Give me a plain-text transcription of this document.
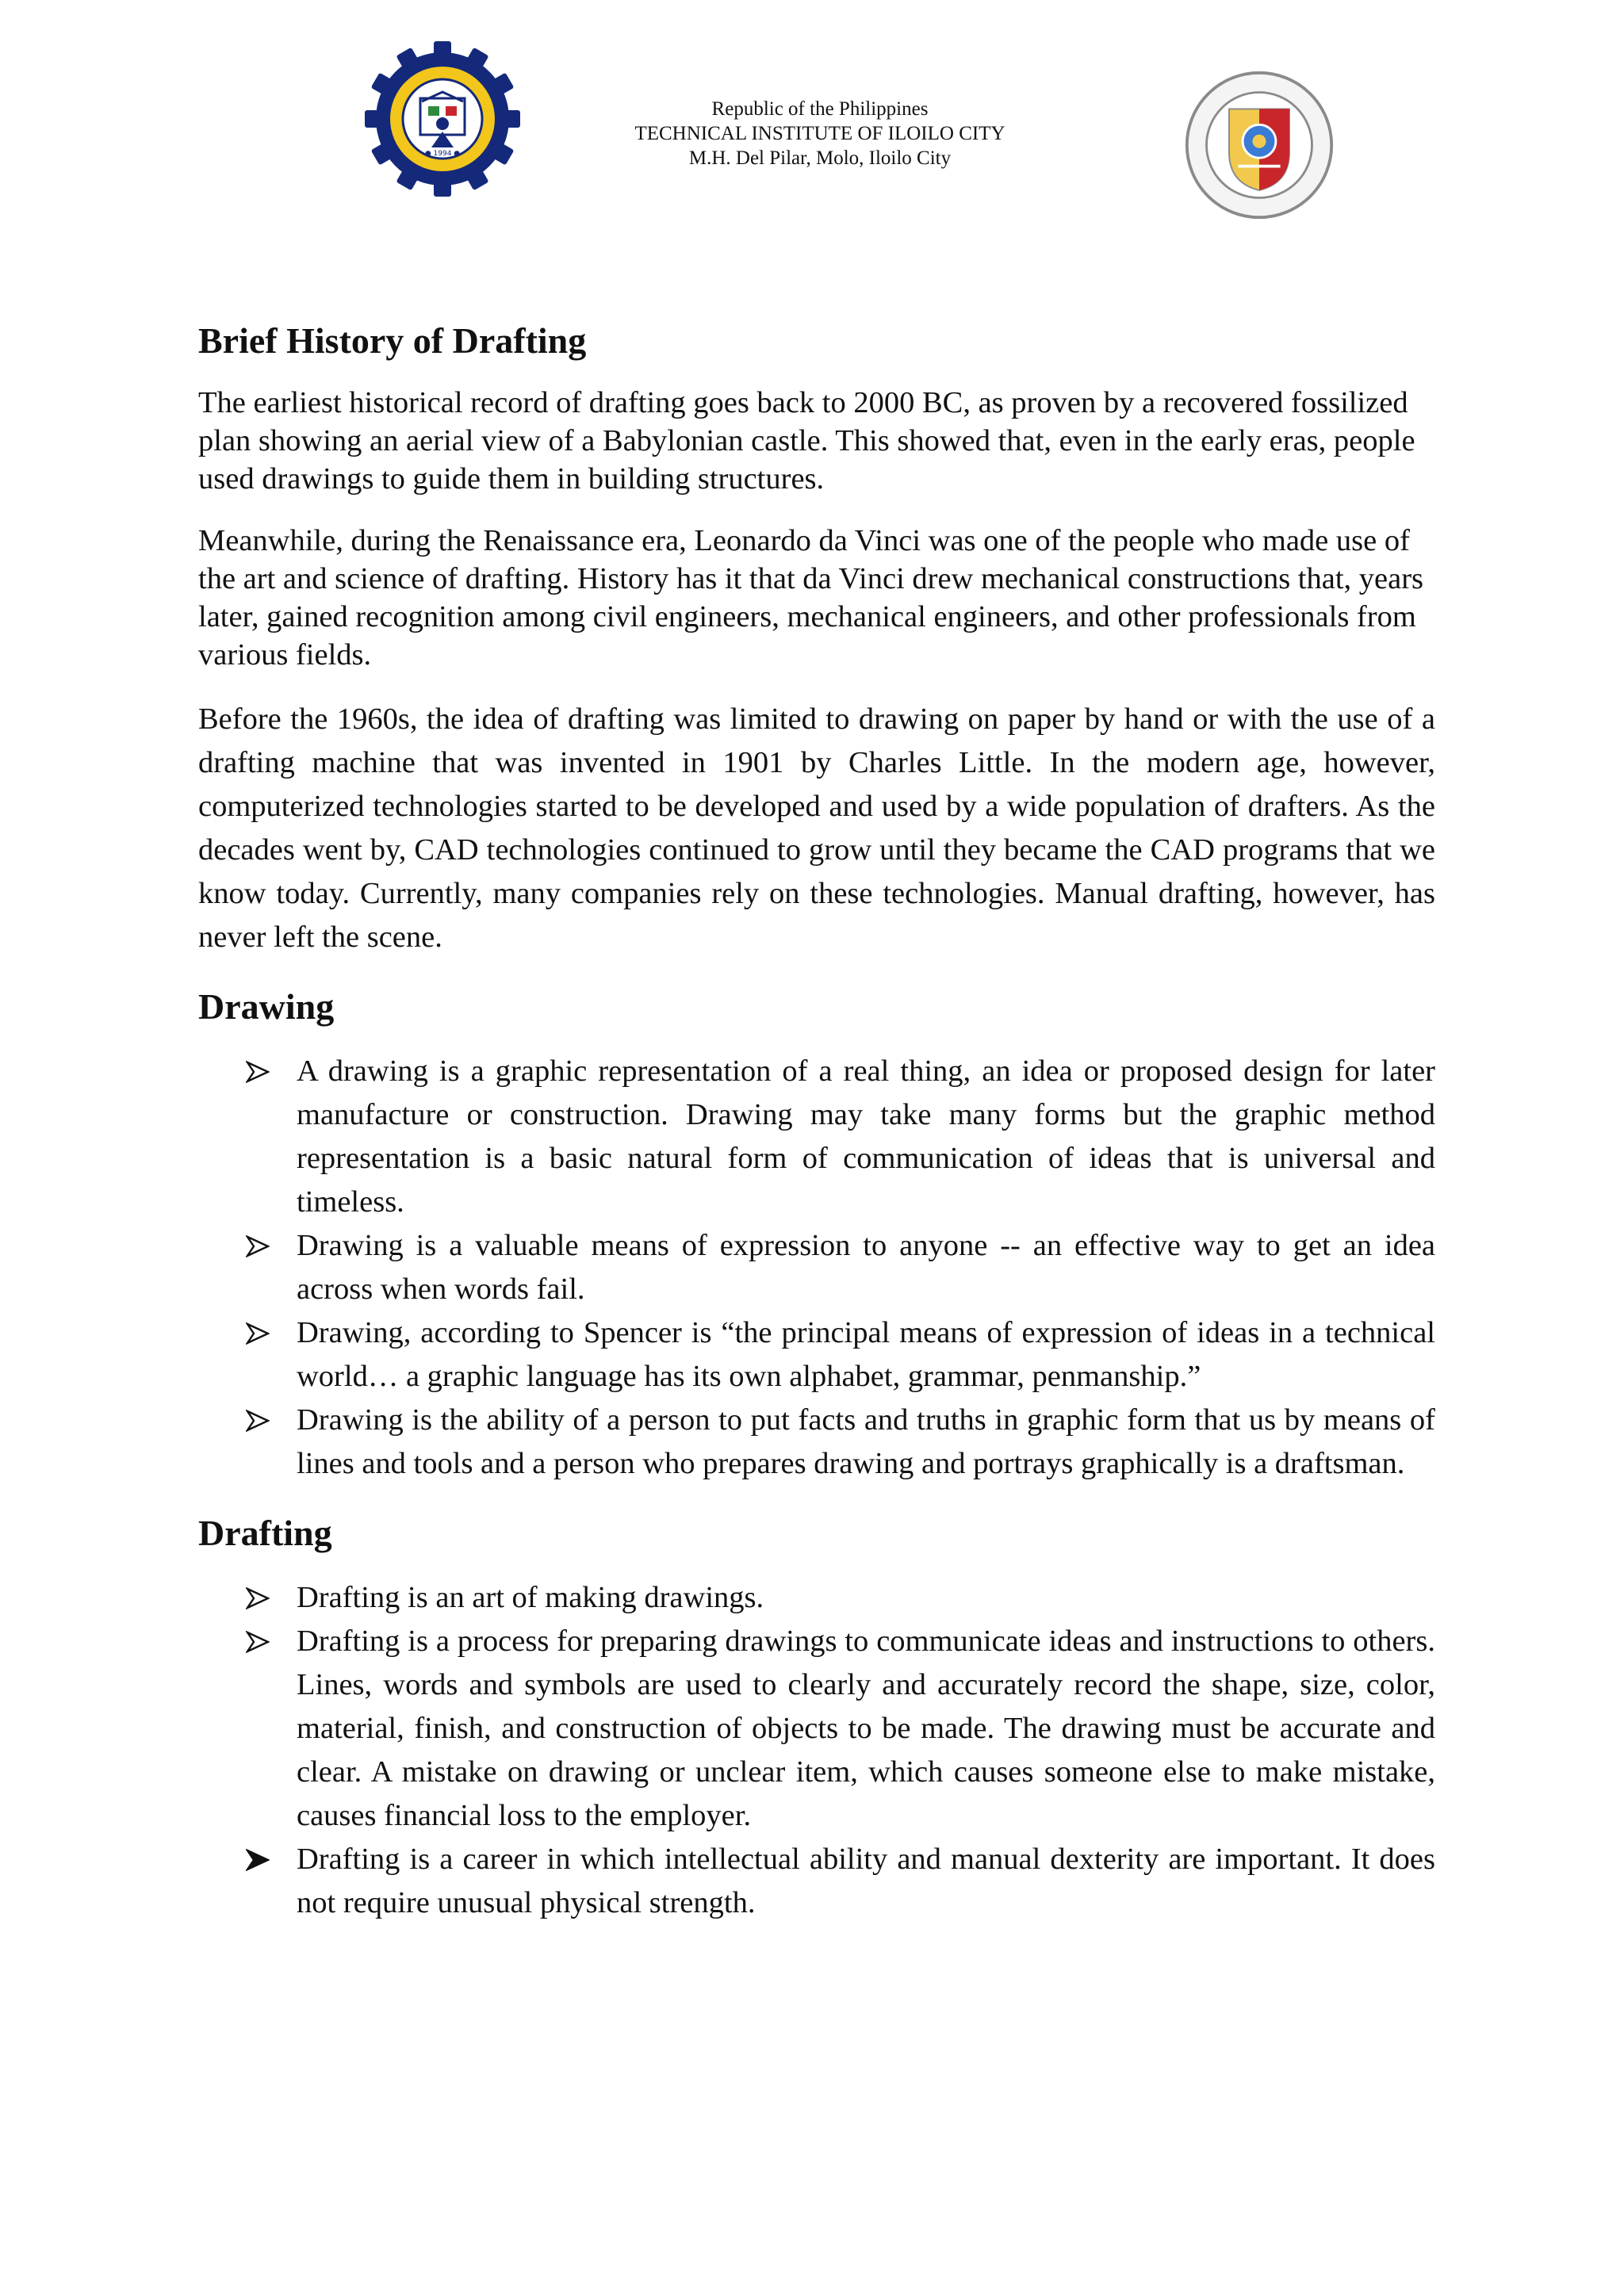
● 1994 ●
Republic of the Philippines
TECHNICAL INSTITUTE OF ILOILO CITY
M.H. Del Pilar, Molo, Iloilo City
Brief History of Drafting

The earliest historical record of drafting goes back to 2000 BC, as proven by a recovered fossilized plan showing an aerial view of a Babylonian castle. This showed that, even in the early eras, people used drawings to guide them in building structures.

Meanwhile, during the Renaissance era, Leonardo da Vinci was one of the people who made use of the art and science of drafting. History has it that da Vinci drew mechanical constructions that, years later, gained recognition among civil engineers, mechanical engineers, and other professionals from various fields.

Before the 1960s, the idea of drafting was limited to drawing on paper by hand or with the use of a drafting machine that was invented in 1901 by Charles Little. In the modern age, however, computerized technologies started to be developed and used by a wide population of drafters. As the decades went by, CAD technologies continued to grow until they became the CAD programs that we know today. Currently, many companies rely on these technologies. Manual drafting, however, has never left the scene.

Drawing
A drawing is a graphic representation of a real thing, an idea or proposed design for later manufacture or construction. Drawing may take many forms but the graphic method representation is a basic natural form of communication of ideas that is universal and timeless.
Drawing is a valuable means of expression to anyone -- an effective way to get an idea across when words fail.
Drawing, according to Spencer is “the principal means of expression of ideas in a technical world… a graphic language has its own alphabet, grammar, penmanship.”
Drawing is the ability of a person to put facts and truths in graphic form that us by means of lines and tools and a person who prepares drawing and portrays graphically is a draftsman.
Drafting
Drafting is an art of making drawings.
Drafting is a process for preparing drawings to communicate ideas and instructions to others. Lines, words and symbols are used to clearly and accurately record the shape, size, color, material, finish, and construction of objects to be made. The drawing must be accurate and clear. A mistake on drawing or unclear item, which causes someone else to make mistake, causes financial loss to the employer.
Drafting is a career in which intellectual ability and manual dexterity are important. It does not require unusual physical strength.
